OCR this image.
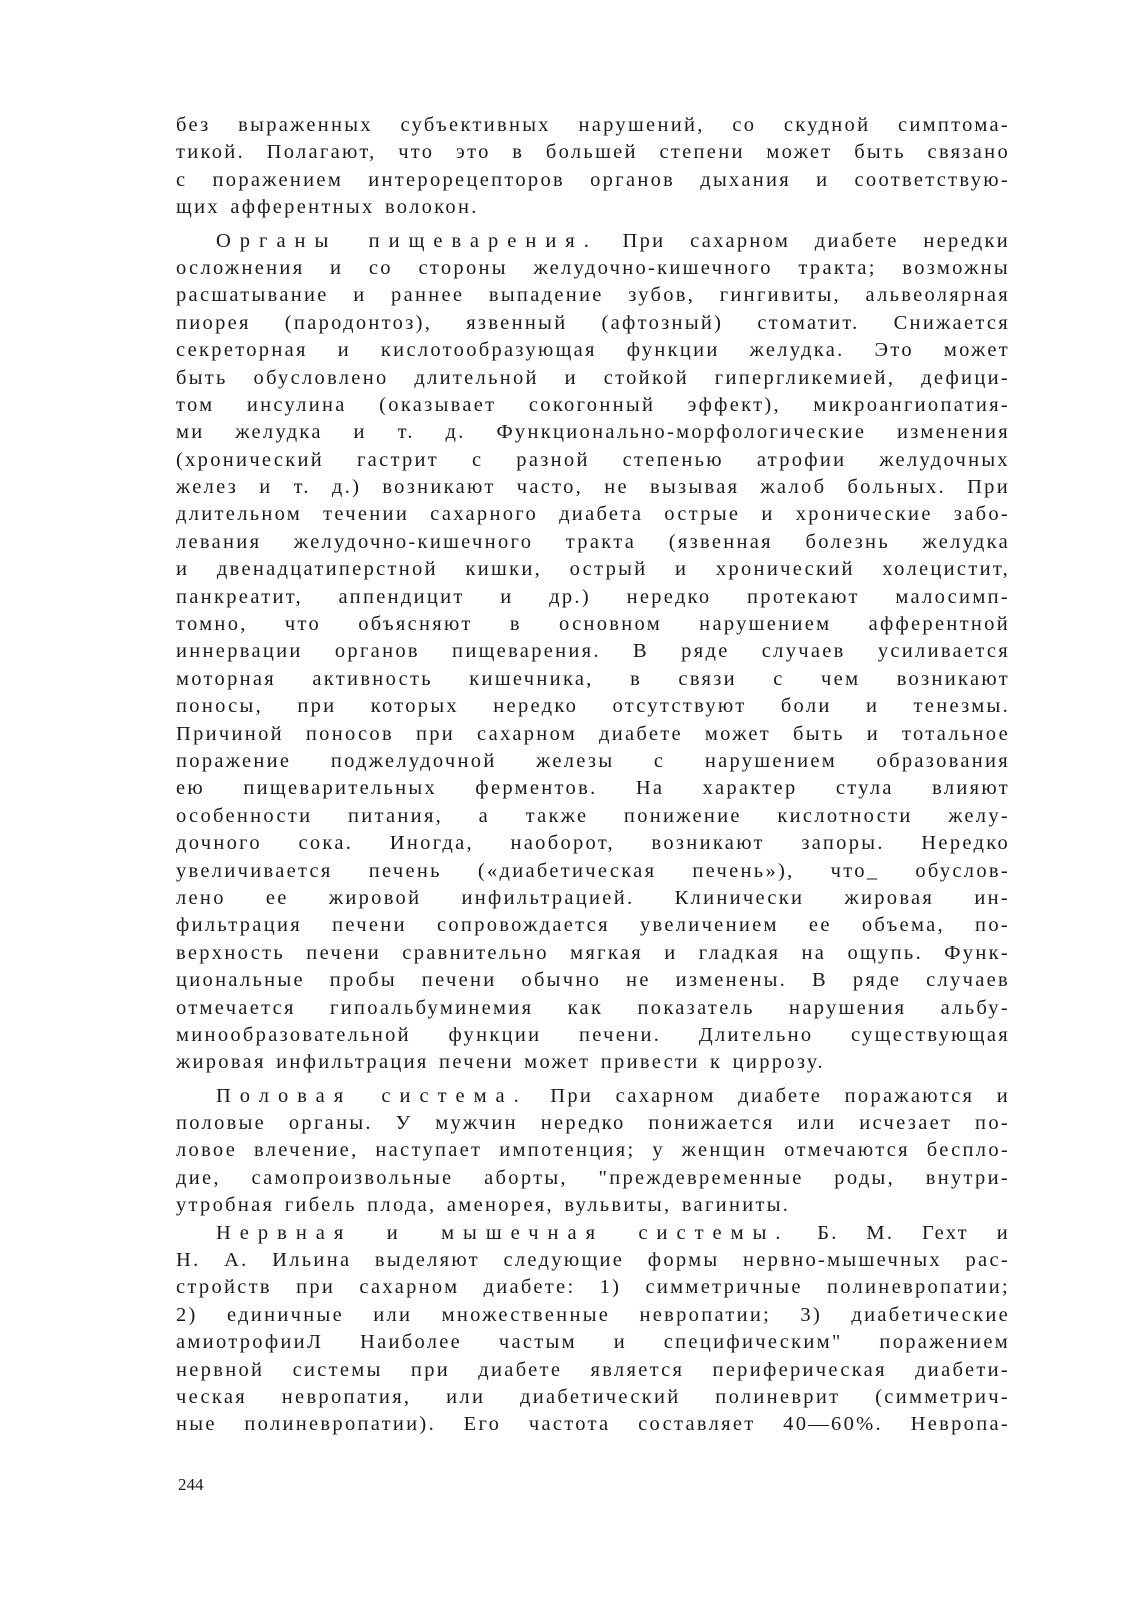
без выраженных субъективных нарушений, со скудной симптома-
тикой. Полагают, что это в большей степени может быть связано
с поражением интерорецепторов органов дыхания и соответствую-
щих афферентных волокон.
Органы пищеварения. При сахарном диабете нередки
осложнения и со стороны желудочно-кишечного тракта; возможны
расшатывание и раннее выпадение зубов, гингивиты, альвеолярная
пиорея (пародонтоз), язвенный (афтозный) стоматит. Снижается
секреторная и кислотообразующая функции желудка. Это может
быть обусловлено длительной и стойкой гипергликемией, дефици-
том инсулина (оказывает сокогонный эффект), микроангиопатия-
ми желудка и т. д. Функционально-морфологические изменения
(хронический гастрит с разной степенью атрофии желудочных
желез и т. д.) возникают часто, не вызывая жалоб больных. При
длительном течении сахарного диабета острые и хронические забо-
левания желудочно-кишечного тракта (язвенная болезнь желудка
и двенадцатиперстной кишки, острый и хронический холецистит,
панкреатит, аппендицит и др.) нередко протекают малосимп-
томно, что объясняют в основном нарушением афферентной
иннервации органов пищеварения. В ряде случаев усиливается
моторная активность кишечника, в связи с чем возникают
поносы, при которых нередко отсутствуют боли и тенезмы.
Причиной поносов при сахарном диабете может быть и тотальное
поражение поджелудочной железы с нарушением образования
ею пищеварительных ферментов. На характер стула влияют
особенности питания, а также понижение кислотности желу-
дочного сока. Иногда, наоборот, возникают запоры. Нередко
увеличивается печень («диабетическая печень»), что_ обуслов-
лено ее жировой инфильтрацией. Клинически жировая ин-
фильтрация печени сопровождается увеличением ее объема, по-
верхность печени сравнительно мягкая и гладкая на ощупь. Функ-
циональные пробы печени обычно не изменены. В ряде случаев
отмечается гипоальбуминемия как показатель нарушения альбу-
минообразовательной функции печени. Длительно существующая
жировая инфильтрация печени может привести к циррозу.
Половая система. При сахарном диабете поражаются и
половые органы. У мужчин нередко понижается или исчезает по-
ловое влечение, наступает импотенция; у женщин отмечаются беспло-
дие, самопроизвольные аборты, "преждевременные роды, внутри-
утробная гибель плода, аменорея, вульвиты, вагиниты.
Нервная и мышечная системы. Б. М. Гехт и
Н. А. Ильина выделяют следующие формы нервно-мышечных рас-
стройств при сахарном диабете: 1) симметричные полиневропатии;
2) единичные или множественные невропатии; 3) диабетические
амиотрофииЛ Наиболее частым и специфическим" поражением
нервной системы при диабете является периферическая диабети-
ческая невропатия, или диабетический полиневрит (симметрич-
ные полиневропатии). Его частота составляет 40—60%. Невропа-
244
